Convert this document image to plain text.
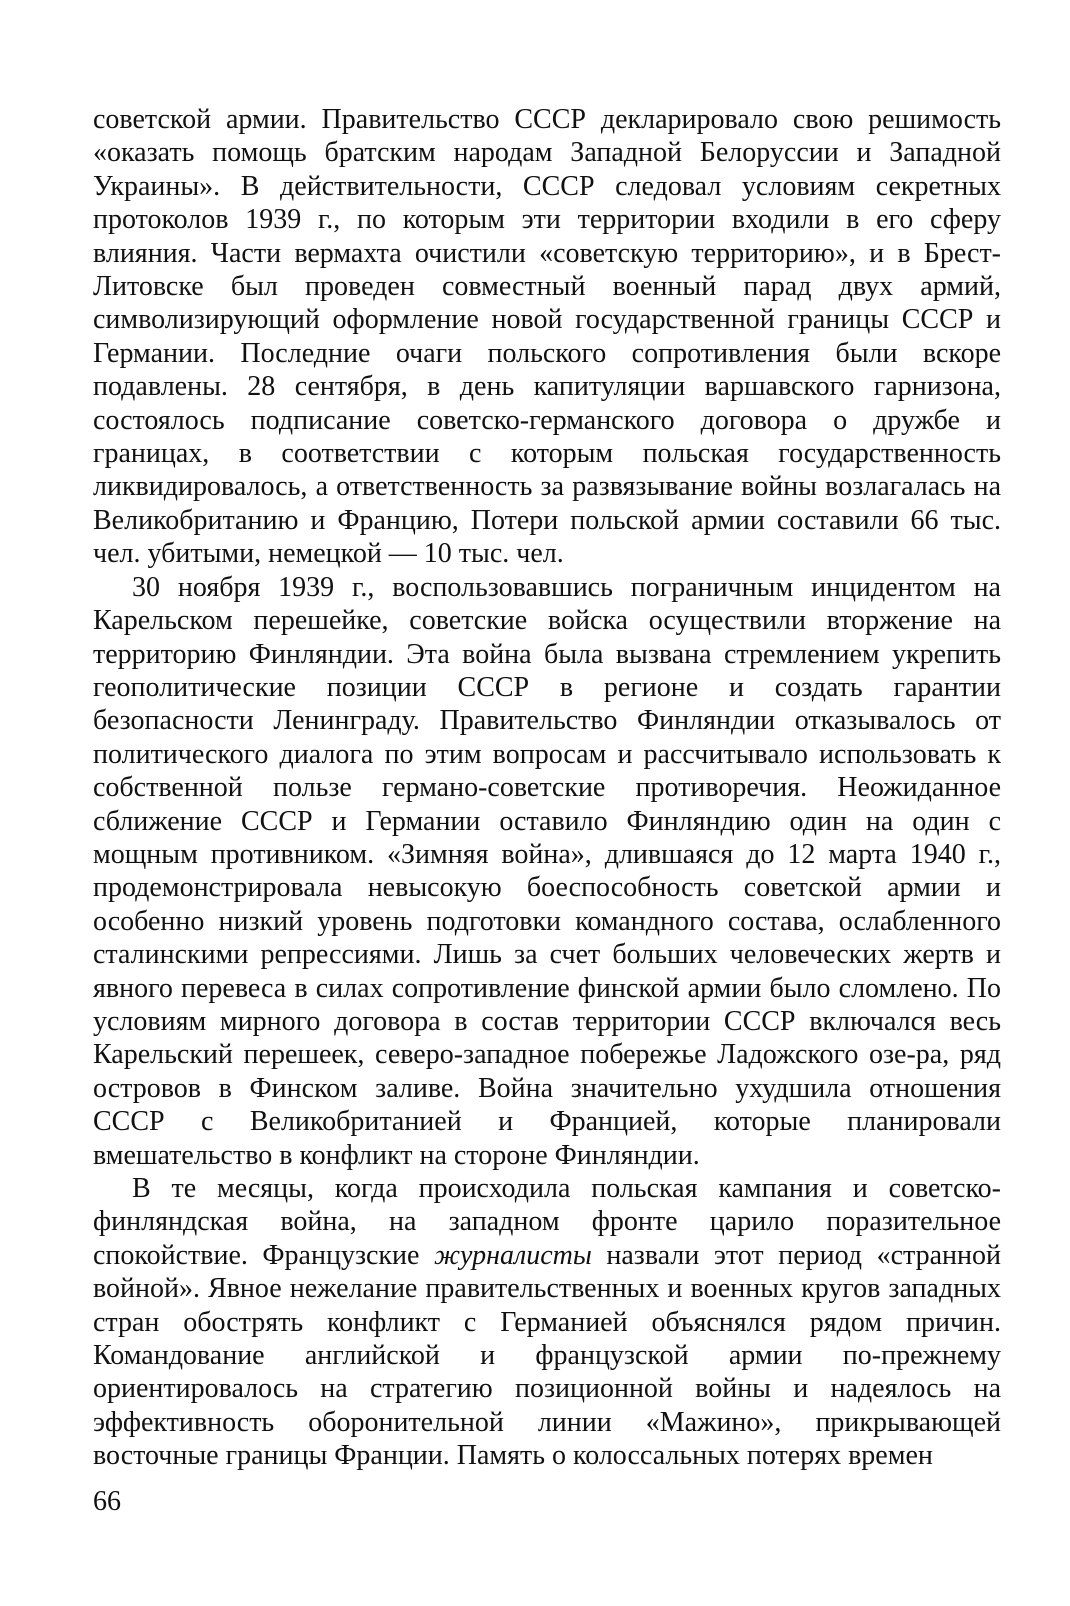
советской армии. Правительство СССР декларировало свою решимость «оказать помощь братским народам Западной Белоруссии и Западной Украины». В действительности, СССР следовал условиям секретных протоколов 1939 г., по которым эти территории входили в его сферу влияния. Части вермахта очистили «советскую территорию», и в Брест-Литовске был проведен совместный военный парад двух армий, символизирующий оформление новой государственной границы СССР и Германии. Последние очаги польского сопротивления были вскоре подавлены. 28 сентября, в день капитуляции варшавского гарнизона, состоялось подписание советско-германского договора о дружбе и границах, в соответствии с которым польская государственность ликвидировалось, а ответственность за развязывание войны возлагалась на Великобританию и Францию, Потери польской армии составили 66 тыс. чел. убитыми, немецкой — 10 тыс. чел.

30 ноября 1939 г., воспользовавшись пограничным инцидентом на Карельском перешейке, советские войска осуществили вторжение на территорию Финляндии. Эта война была вызвана стремлением укрепить геополитические позиции СССР в регионе и создать гарантии безопасности Ленинграду. Правительство Финляндии отказывалось от политического диалога по этим вопросам и рассчитывало использовать к собственной пользе германо-советские противоречия. Неожиданное сближение СССР и Германии оставило Финляндию один на один с мощным противником. «Зимняя война», длившаяся до 12 марта 1940 г., продемонстрировала невысокую боеспособность советской армии и особенно низкий уровень подготовки командного состава, ослабленного сталинскими репрессиями. Лишь за счет больших человеческих жертв и явного перевеса в силах сопротивление финской армии было сломлено. По условиям мирного договора в состав территории СССР включался весь Карельский перешеек, северо-западное побережье Ладожского озе-ра, ряд островов в Финском заливе. Война значительно ухудшила отношения СССР с Великобританией и Францией, которые планировали вмешательство в конфликт на стороне Финляндии.

В те месяцы, когда происходила польская кампания и советско-финляндская война, на западном фронте царило поразительное спокойствие. Французские журналисты назвали этот период «странной войной». Явное нежелание правительственных и военных кругов западных стран обострять конфликт с Германией объяснялся рядом причин. Командование английской и французской армии по-прежнему ориентировалось на стратегию позиционной войны и надеялось на эффективность оборонительной линии «Мажино», прикрывающей восточные границы Франции. Память о колоссальных потерях времен

66
